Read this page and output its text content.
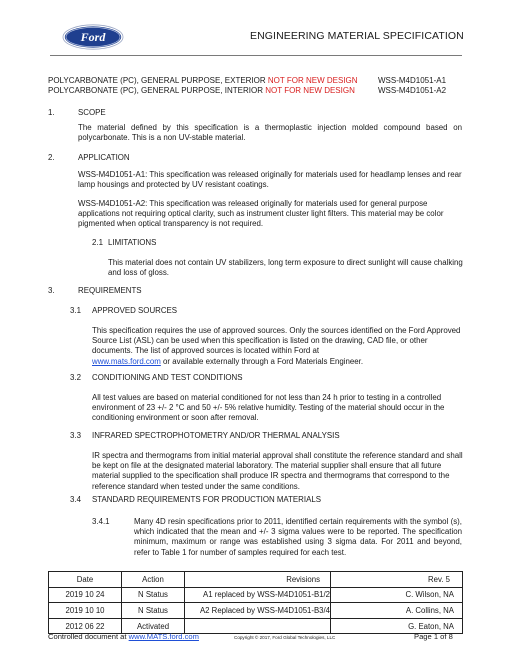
Ford	ENGINEERING MATERIAL SPECIFICATION
POLYCARBONATE (PC), GENERAL PURPOSE, EXTERIOR NOT FOR NEW DESIGN	WSS-M4D1051-A1
POLYCARBONATE (PC), GENERAL PURPOSE, INTERIOR NOT FOR NEW DESIGN	WSS-M4D1051-A2
1.	SCOPE
The material defined by this specification is a thermoplastic injection molded compound based on polycarbonate. This is a non UV-stable material.
2.	APPLICATION
WSS-M4D1051-A1: This specification was released originally for materials used for headlamp lenses and rear lamp housings and protected by UV resistant coatings.
WSS-M4D1051-A2: This specification was released originally for materials used for general purpose applications not requiring optical clarity, such as instrument cluster light filters. This material may be color pigmented when optical transparency is not required.
2.1 LIMITATIONS
This material does not contain UV stabilizers, long term exposure to direct sunlight will cause chalking and loss of gloss.
3.	REQUIREMENTS
3.1 APPROVED SOURCES
This specification requires the use of approved sources. Only the sources identified on the Ford Approved Source List (ASL) can be used when this specification is listed on the drawing, CAD file, or other documents. The list of approved sources is located within Ford at
www.mats.ford.com or available externally through a Ford Materials Engineer.
3.2 CONDITIONING AND TEST CONDITIONS
All test values are based on material conditioned for not less than 24 h prior to testing in a controlled environment of 23 +/- 2 °C and 50 +/- 5% relative humidity. Testing of the material should occur in the conditioning environment or soon after removal.
3.3 INFRARED SPECTROPHOTOMETRY AND/OR THERMAL ANALYSIS
IR spectra and thermograms from initial material approval shall constitute the reference standard and shall be kept on file at the designated material laboratory. The material supplier shall ensure that all future material supplied to the specification shall produce IR spectra and thermograms that correspond to the reference standard when tested under the same conditions.
3.4 STANDARD REQUIREMENTS FOR PRODUCTION MATERIALS
3.4.1	Many 4D resin specifications prior to 2011, identified certain requirements with the symbol (s), which indicated that the mean and +/- 3 sigma values were to be reported. The specification minimum, maximum or range was established using 3 sigma data. For 2011 and beyond, refer to Table 1 for number of samples required for each test.
Date	Action	Revisions	Rev. 5
2019 10 24	N Status	A1 replaced by WSS-M4D1051-B1/2	C. Wilson, NA
2019 10 10	N Status	A2 Replaced by WSS-M4D1051-B3/4	A. Collins, NA
2012 06 22	Activated		G. Eaton, NA
Controlled document at www.MATS.ford.com	Copyright © 2017, Ford Global Technologies, LLC	Page 1 of 8
